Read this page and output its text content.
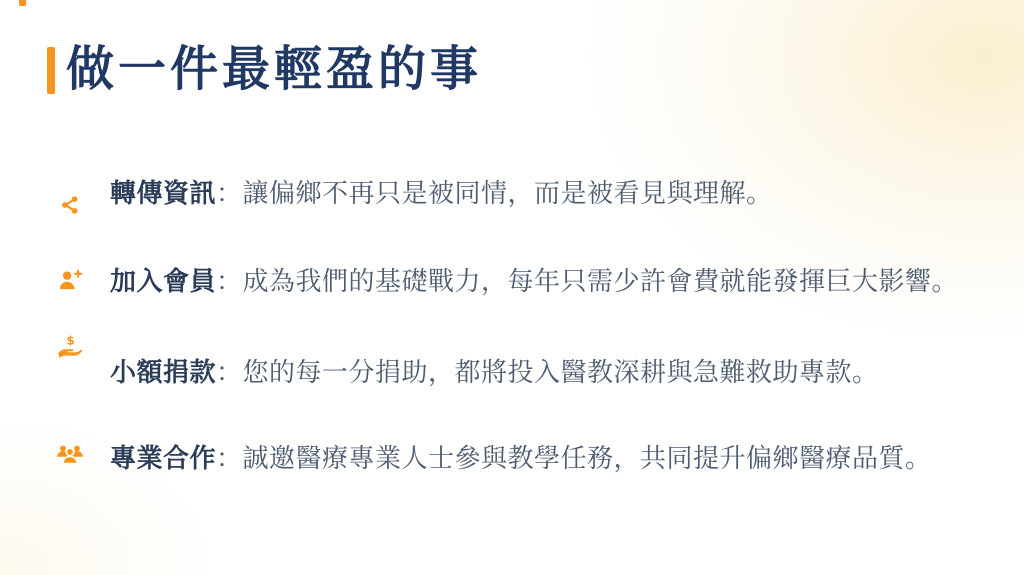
做一件最輕盈的事

轉傳資訊：讓偏鄉不再只是被同情，而是被看見與理解。

加入會員：成為我們的基礎戰力，每年只需少許會費就能發揮巨大影響。

$

小額捐款：您的每一分捐助，都將投入醫教深耕與急難救助專款。

專業合作：誠邀醫療專業人士參與教學任務，共同提升偏鄉醫療品質。
